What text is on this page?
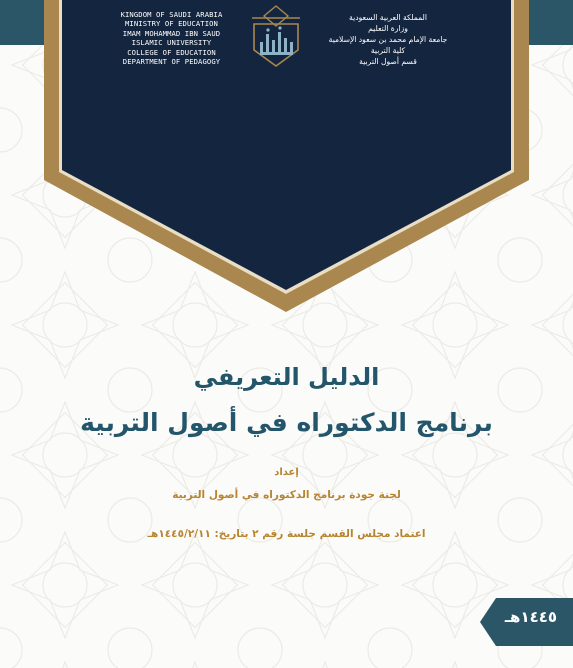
KINGDOM OF SAUDI ARABIA
MINISTRY OF EDUCATION
IMAM MOHAMMAD IBN SAUD
ISLAMIC UNIVERSITY
COLLEGE OF EDUCATION
DEPARTMENT OF PEDAGOGY
المملكة العربية السعودية
وزارة التعليم
جامعة الإمام محمد بن سعود الإسلامية
كلية التربية
قسم أصول التربية
الدليل التعريفي
برنامج الدكتوراه في أصول التربية
إعداد
لجنة جودة برنامج الدكتوراه في أصول التربية
اعتماد مجلس القسم جلسة رقم ٢ بتاريخ: ١٤٤٥/٢/١١هـ
١٤٤٥هـ
